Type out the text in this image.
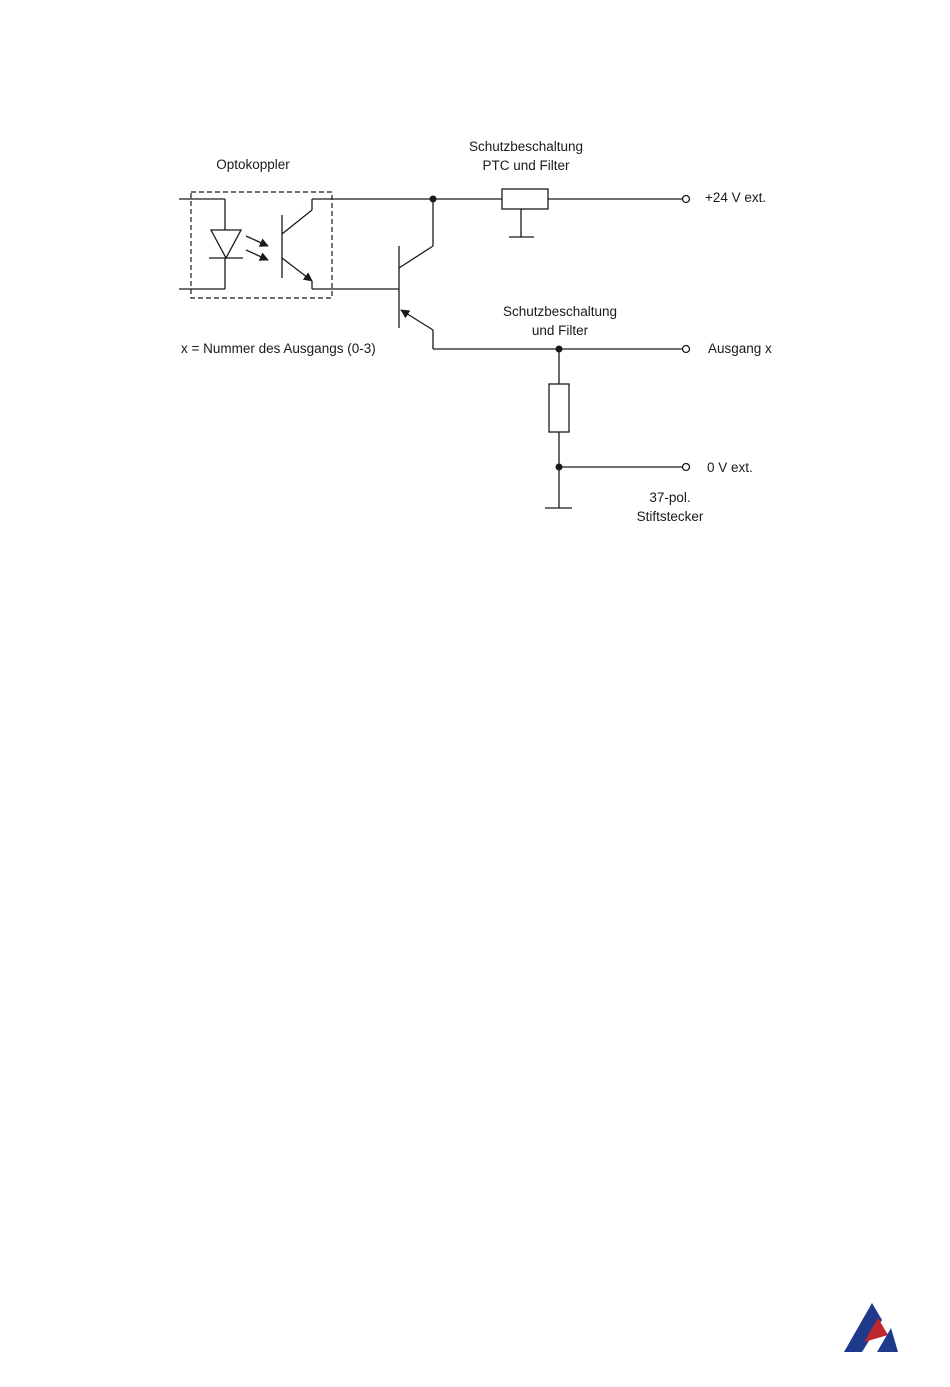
Optokoppler
Schutzbeschaltung
PTC und Filter
+24 V ext.
Schutzbeschaltung
und Filter
Ausgang x
0 V ext.
37-pol.
Stiftstecker
x = Nummer des Ausgangs (0-3)
